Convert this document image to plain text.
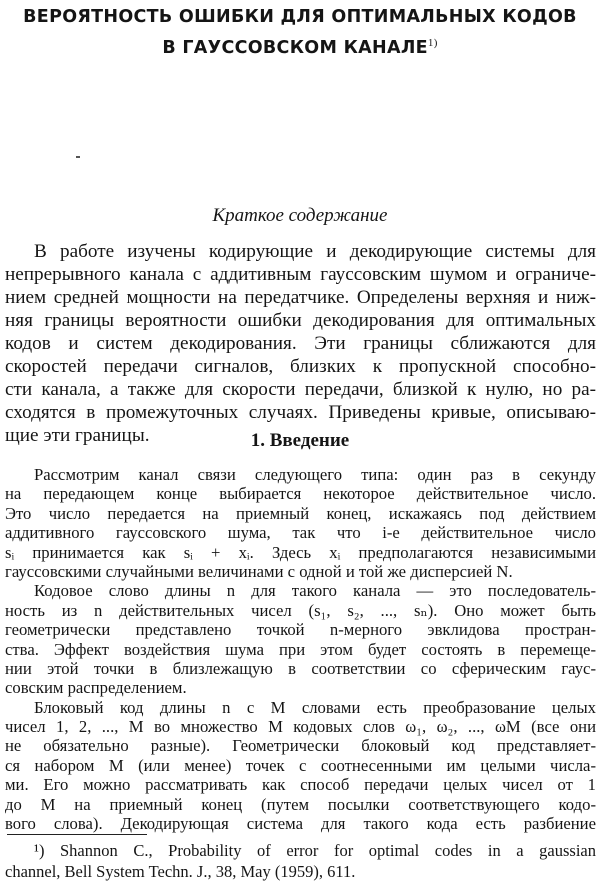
ВЕРОЯТНОСТЬ ОШИБКИ ДЛЯ ОПТИМАЛЬНЫХ КОДОВ
В ГАУССОВСКОМ КАНАЛЕ$^{1)}$
Краткое содержание
В работе изучены кодирующие и декодирующие системы для
непрерывного канала с аддитивным гауссовским шумом и ограниче-
нием средней мощности на передатчике. Определены верхняя и ниж-
няя границы вероятности ошибки декодирования для оптимальных
кодов и систем декодирования. Эти границы сближаются для
скоростей передачи сигналов, близких к пропускной способно-
сти канала, а также для скорости передачи, близкой к нулю, но ра-
сходятся в промежуточных случаях. Приведены кривые, описываю-
щие эти границы.	1. Введение
Рассмотрим канал связи следующего типа: один раз в секунду
на передающем конце выбирается некоторое действительное число.
Это число передается на приемный конец, искажаясь под действием
аддитивного гауссовского шума, так что i-е действительное число
sᵢ принимается как sᵢ + xᵢ. Здесь xᵢ предполагаются независимыми
гауссовскими случайными величинами с одной и той же дисперсией N.
Кодовое слово длины n для такого канала — это последователь-
ность из n действительных чисел (s₁, s₂, ..., sₙ). Оно может быть
геометрически представлено точкой n-мерного эвклидова простран-
ства. Эффект воздействия шума при этом будет состоять в перемеще-
нии этой точки в близлежащую в соответствии со сферическим гаус-
совским распределением.
Блоковый код длины n с M словами есть преобразование целых
чисел 1, 2, ..., M во множество M кодовых слов ω₁, ω₂, ..., ωM (все они
не обязательно разные). Геометрически блоковый код представляет-
ся набором M (или менее) точек с соотнесенными им целыми числа-
ми. Его можно рассматривать как способ передачи целых чисел от 1
до M на приемный конец (путем посылки соответствующего кодо-
вого слова). Декодирующая система для такого кода есть разбиение
¹) Shannon C., Probability of error for optimal codes in a gaussian
channel, Bell System Techn. J., 38, May (1959), 611.
